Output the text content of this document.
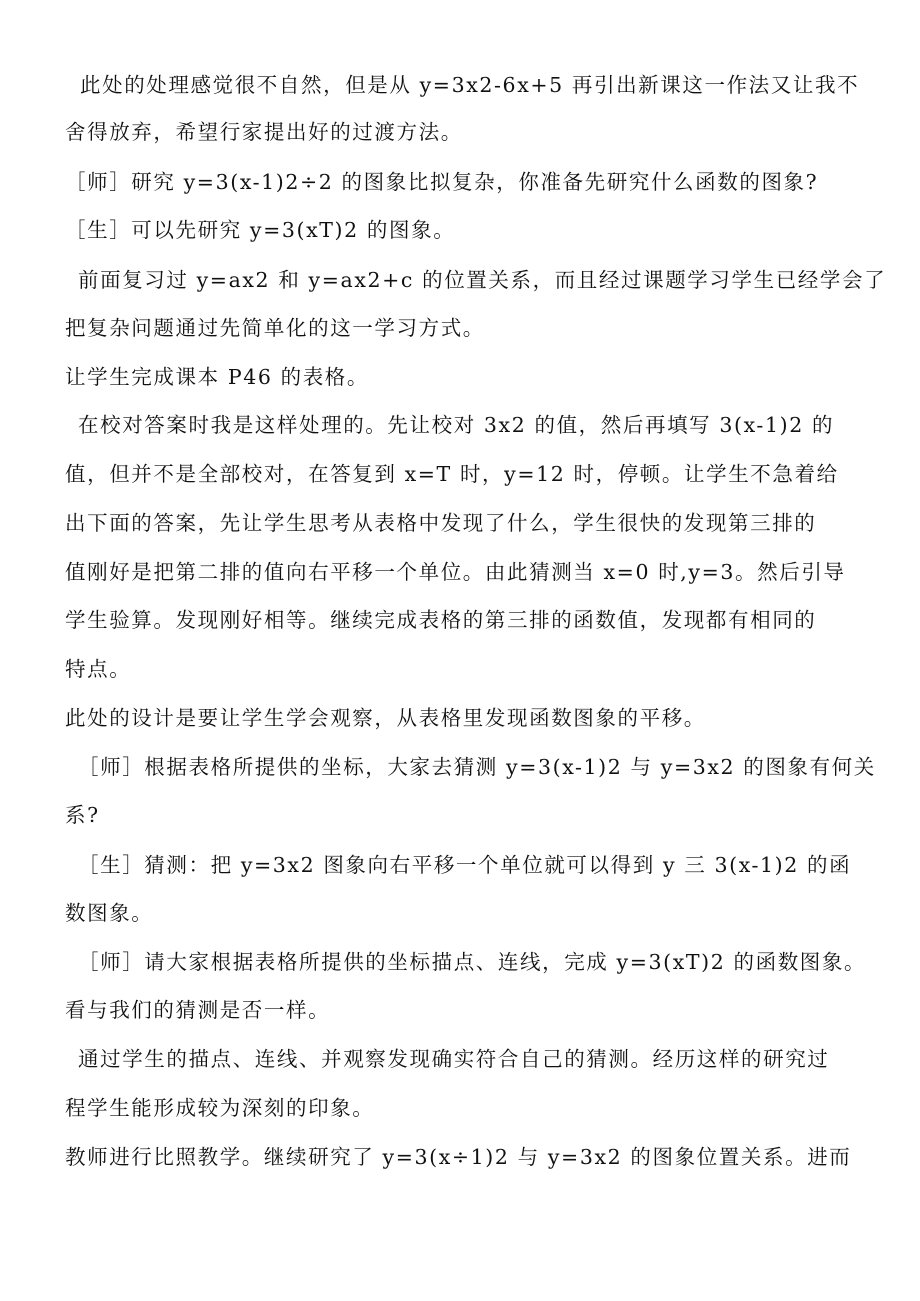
此处的处理感觉很不自然，但是从 y=3x2-6x+5 再引出新课这一作法又让我不
舍得放弃，希望行家提出好的过渡方法。
［师］研究 y=3(x-1)2÷2 的图象比拟复杂，你准备先研究什么函数的图象?
［生］可以先研究 y=3(xT)2 的图象。
前面复习过 y=ax2 和 y=ax2+c 的位置关系，而且经过课题学习学生已经学会了
把复杂问题通过先简单化的这一学习方式。
让学生完成课本 P46 的表格。
在校对答案时我是这样处理的。先让校对 3x2 的值，然后再填写 3(x-1)2 的
值，但并不是全部校对，在答复到 x=T 时，y=12 时，停顿。让学生不急着给
出下面的答案，先让学生思考从表格中发现了什么，学生很快的发现第三排的
值刚好是把第二排的值向右平移一个单位。由此猜测当 x=0 时,y=3。然后引导
学生验算。发现刚好相等。继续完成表格的第三排的函数值，发现都有相同的
特点。
此处的设计是要让学生学会观察，从表格里发现函数图象的平移。
［师］根据表格所提供的坐标，大家去猜测 y=3(x-1)2 与 y=3x2 的图象有何关
系?
［生］猜测：把 y=3x2 图象向右平移一个单位就可以得到 y 三 3(x-1)2 的函
数图象。
［师］请大家根据表格所提供的坐标描点、连线，完成 y=3(xT)2 的函数图象。
看与我们的猜测是否一样。
通过学生的描点、连线、并观察发现确实符合自己的猜测。经历这样的研究过
程学生能形成较为深刻的印象。
教师进行比照教学。继续研究了 y=3(x÷1)2 与 y=3x2 的图象位置关系。进而
